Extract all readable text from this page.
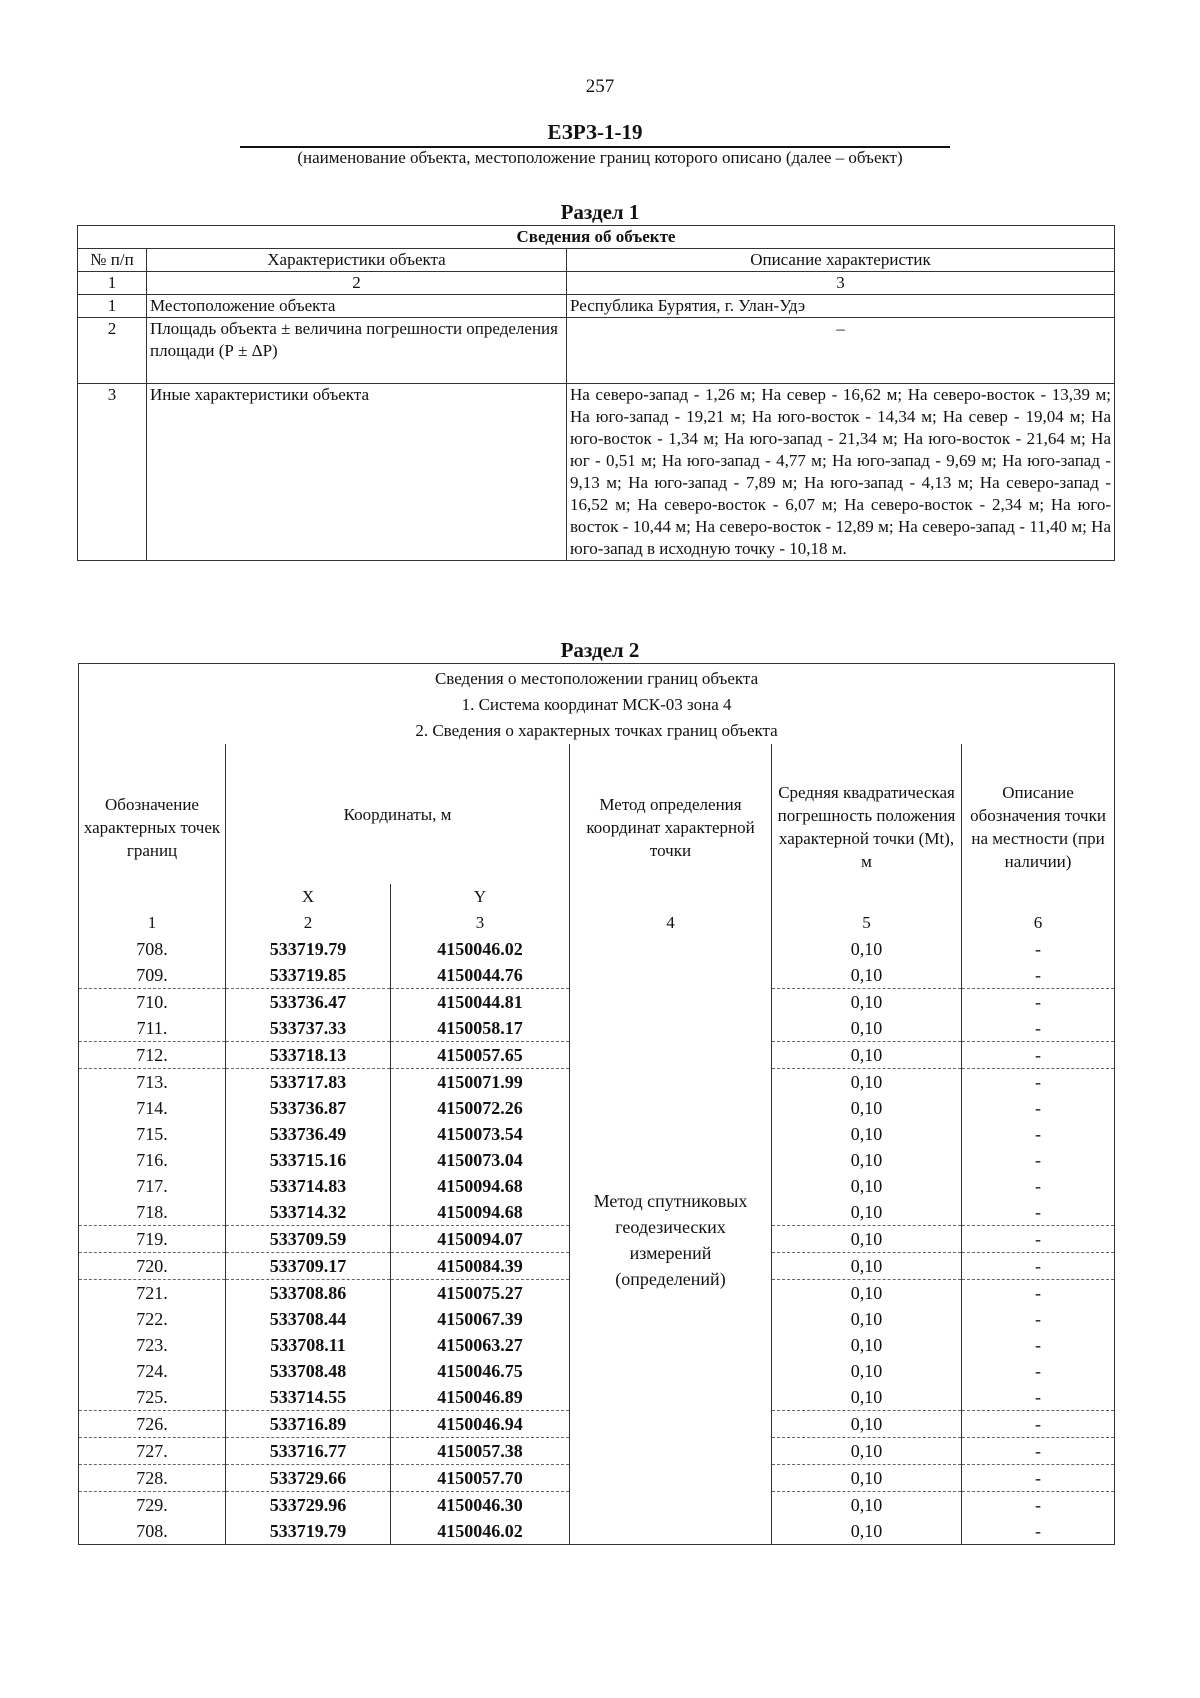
257
ЕЗРЗ-1-19
(наименование объекта, местоположение границ которого описано (далее – объект)
Раздел 1
Сведения об объекте		
№ п/п	Характеристики объекта	Описание характеристик
1	2	3
1	Местоположение объекта	Республика Бурятия, г. Улан-Удэ
2	Площадь объекта ± величина погрешности определения площади (Р ± ΔР)	–
3	Иные характеристики объекта	На северо-запад - 1,26 м; На север - 16,62 м; На северо-восток - 13,39 м; На юго-запад - 19,21 м; На юго-восток - 14,34 м; На север - 19,04 м; На юго-восток - 1,34 м; На юго-запад - 21,34 м; На юго-восток - 21,64 м; На юг - 0,51 м; На юго-запад - 4,77 м; На юго-запад - 9,69 м; На юго-запад - 9,13 м; На юго-запад - 7,89 м; На юго-запад - 4,13 м; На северо-запад - 16,52 м; На северо-восток - 6,07 м; На северо-восток - 2,34 м; На юго-восток - 10,44 м; На северо-восток - 12,89 м; На северо-запад - 11,40 м; На юго-запад в исходную точку - 10,18 м.
Раздел 2
Сведения о местоположении границ объекта					
1. Система координат МСК-03 зона 4					
2. Сведения о характерных точках границ объекта					
Обозначение характерных точек границ	Координаты, м		Метод определения координат характерной точки	Средняя квадратическая погрешность положения характерной точки (Mt), м	Описание обозначения точки на местности (при наличии)
	X	Y			
1	2	3	4	5	6
708.	533719.79	4150046.02	Метод спутниковых геодезических измерений (определений)	0,10	-
709.	533719.85	4150044.76		0,10	-
710.	533736.47	4150044.81		0,10	-
711.	533737.33	4150058.17		0,10	-
712.	533718.13	4150057.65		0,10	-
713.	533717.83	4150071.99		0,10	-
714.	533736.87	4150072.26		0,10	-
715.	533736.49	4150073.54		0,10	-
716.	533715.16	4150073.04		0,10	-
717.	533714.83	4150094.68		0,10	-
718.	533714.32	4150094.68		0,10	-
719.	533709.59	4150094.07		0,10	-
720.	533709.17	4150084.39		0,10	-
721.	533708.86	4150075.27		0,10	-
722.	533708.44	4150067.39		0,10	-
723.	533708.11	4150063.27		0,10	-
724.	533708.48	4150046.75		0,10	-
725.	533714.55	4150046.89		0,10	-
726.	533716.89	4150046.94		0,10	-
727.	533716.77	4150057.38		0,10	-
728.	533729.66	4150057.70		0,10	-
729.	533729.96	4150046.30		0,10	-
708.	533719.79	4150046.02		0,10	-
